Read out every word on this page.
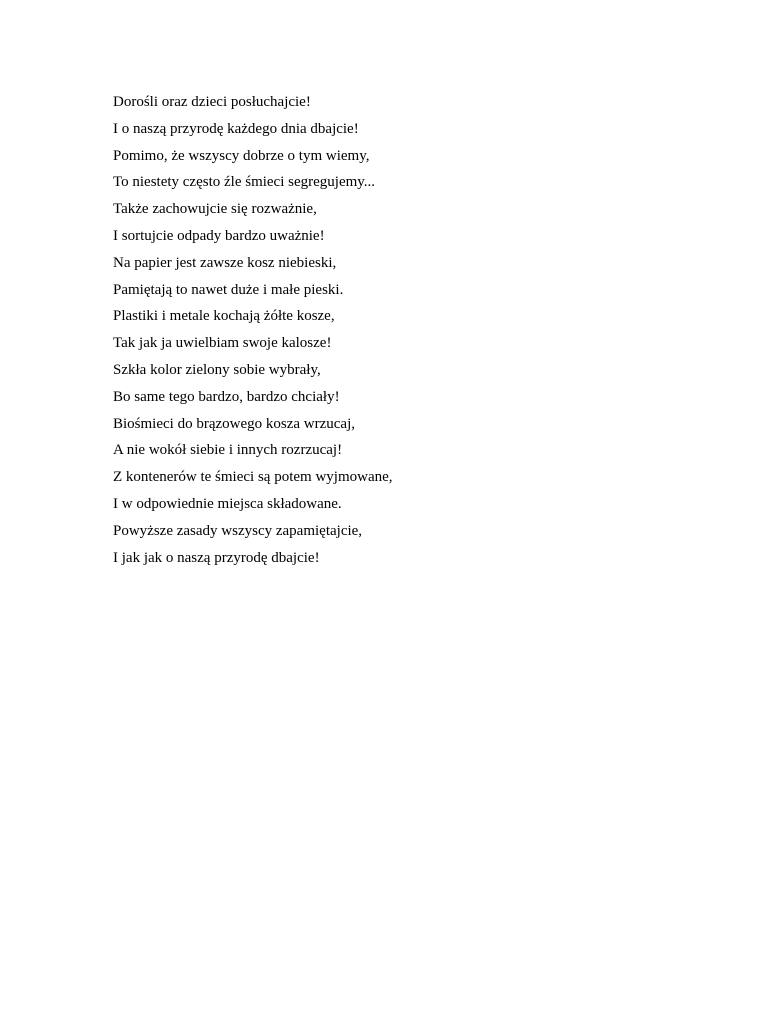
Dorośli oraz dzieci posłuchajcie!
I o naszą przyrodę każdego dnia dbajcie!
Pomimo, że wszyscy dobrze o tym wiemy,
To niestety często źle śmieci segregujemy...
Także zachowujcie się rozważnie,
I sortujcie odpady bardzo uważnie!
Na papier jest zawsze kosz niebieski,
Pamiętają to nawet duże i małe pieski.
Plastiki i metale kochają żółte kosze,
Tak jak ja uwielbiam swoje kalosze!
Szkła kolor zielony sobie wybrały,
Bo same tego bardzo, bardzo chciały!
Biośmieci do brązowego kosza wrzucaj,
A nie wokół siebie i innych rozrzucaj!
Z kontenerów te śmieci są potem wyjmowane,
I w odpowiednie miejsca składowane.
Powyższe zasady wszyscy zapamiętajcie,
I jak jak o naszą przyrodę dbajcie!
